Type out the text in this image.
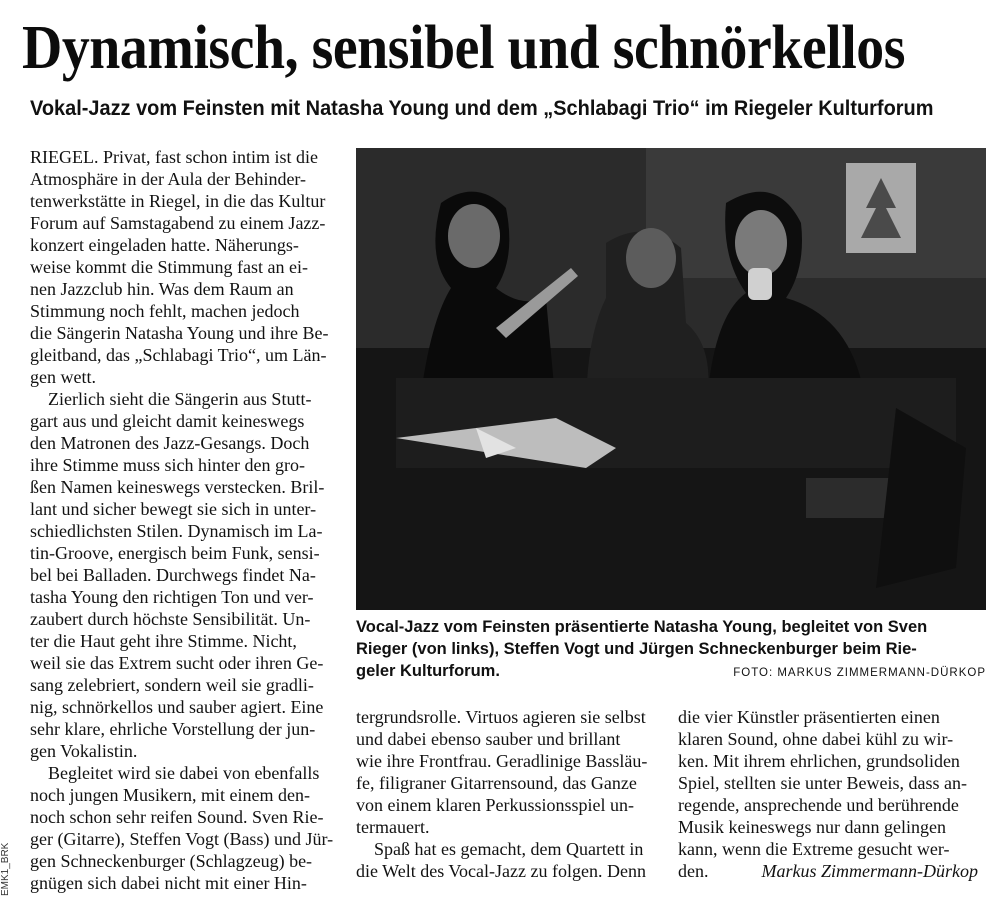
Dynamisch, sensibel und schnörkellos
Vokal-Jazz vom Feinsten mit Natasha Young und dem „Schlabagi Trio“ im Riegeler Kulturforum

RIEGEL. Privat, fast schon intim ist die
Atmosphäre in der Aula der Behinder-
tenwerkstätte in Riegel, in die das Kultur
Forum auf Samstagabend zu einem Jazz-
konzert eingeladen hatte. Näherungs-
weise kommt die Stimmung fast an ei-
nen Jazzclub hin. Was dem Raum an
Stimmung noch fehlt, machen jedoch
die Sängerin Natasha Young und ihre Be-
gleitband, das „Schlabagi Trio“, um Län-
gen wett.

Zierlich sieht die Sängerin aus Stutt-
gart aus und gleicht damit keineswegs
den Matronen des Jazz-Gesangs. Doch
ihre Stimme muss sich hinter den gro-
ßen Namen keineswegs verstecken. Bril-
lant und sicher bewegt sie sich in unter-
schiedlichsten Stilen. Dynamisch im La-
tin-Groove, energisch beim Funk, sensi-
bel bei Balladen. Durchwegs findet Na-
tasha Young den richtigen Ton und ver-
zaubert durch höchste Sensibilität. Un-
ter die Haut geht ihre Stimme. Nicht,
weil sie das Extrem sucht oder ihren Ge-
sang zelebriert, sondern weil sie gradli-
nig, schnörkellos und sauber agiert. Eine
sehr klare, ehrliche Vorstellung der jun-
gen Vokalistin.

Begleitet wird sie dabei von ebenfalls
noch jungen Musikern, mit einem den-
noch schon sehr reifen Sound. Sven Rie-
ger (Gitarre), Steffen Vogt (Bass) und Jür-
gen Schneckenburger (Schlagzeug) be-
gnügen sich dabei nicht mit einer Hin-

Vocal-Jazz vom Feinsten präsentierte Natasha Young, begleitet von Sven
Rieger (von links), Steffen Vogt und Jürgen Schneckenburger beim Rie-
geler Kulturforum.	FOTO: MARKUS ZIMMERMANN-DÜRKOP

tergrundsrolle. Virtuos agieren sie selbst
und dabei ebenso sauber und brillant
wie ihre Frontfrau. Geradlinige Bassläu-
fe, filigraner Gitarrensound, das Ganze
von einem klaren Perkussionsspiel un-
termauert.

Spaß hat es gemacht, dem Quartett in
die Welt des Vocal-Jazz zu folgen. Denn

die vier Künstler präsentierten einen
klaren Sound, ohne dabei kühl zu wir-
ken. Mit ihrem ehrlichen, grundsoliden
Spiel, stellten sie unter Beweis, dass an-
regende, ansprechende und berührende
Musik keineswegs nur dann gelingen
kann, wenn die Extreme gesucht wer-
den.	Markus Zimmermann-Dürkop

EMK1_BRK
